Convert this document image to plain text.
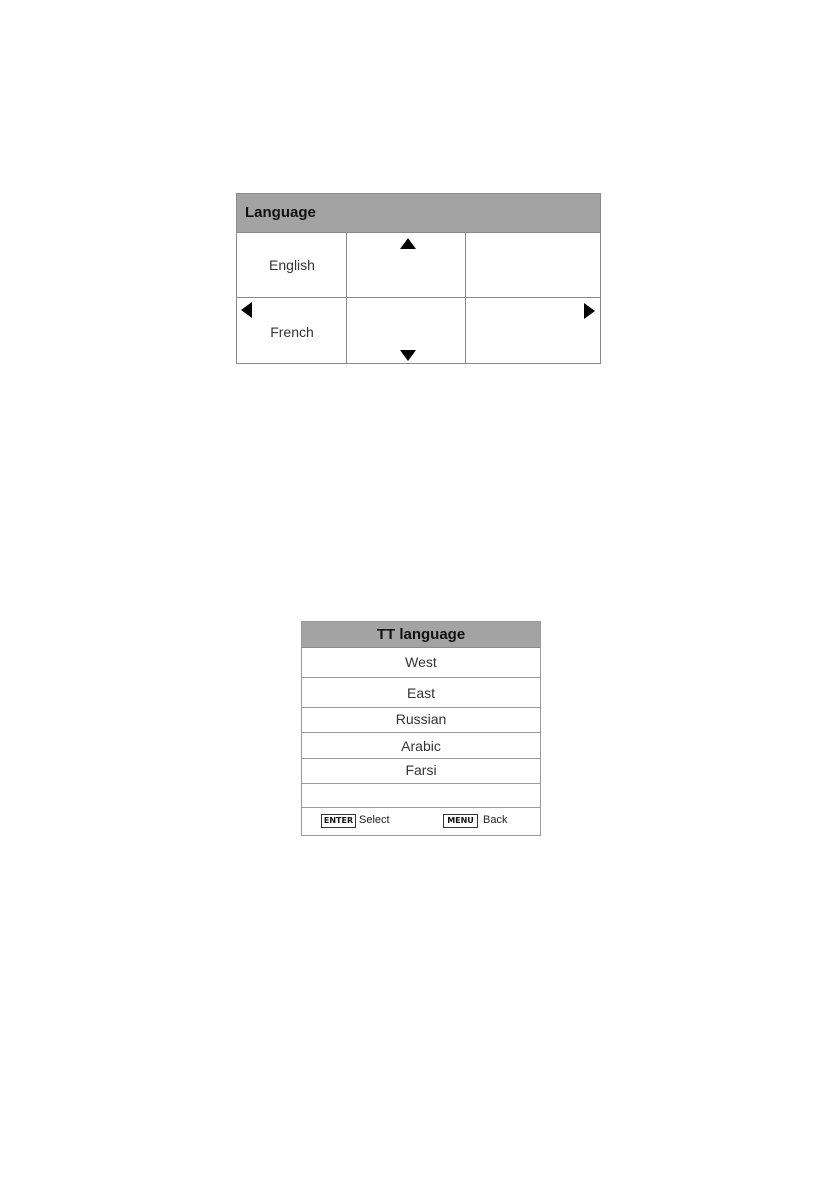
Language
English
French
TT language
West
East
Russian
Arabic
Farsi
ENTER Select	MENU Back
